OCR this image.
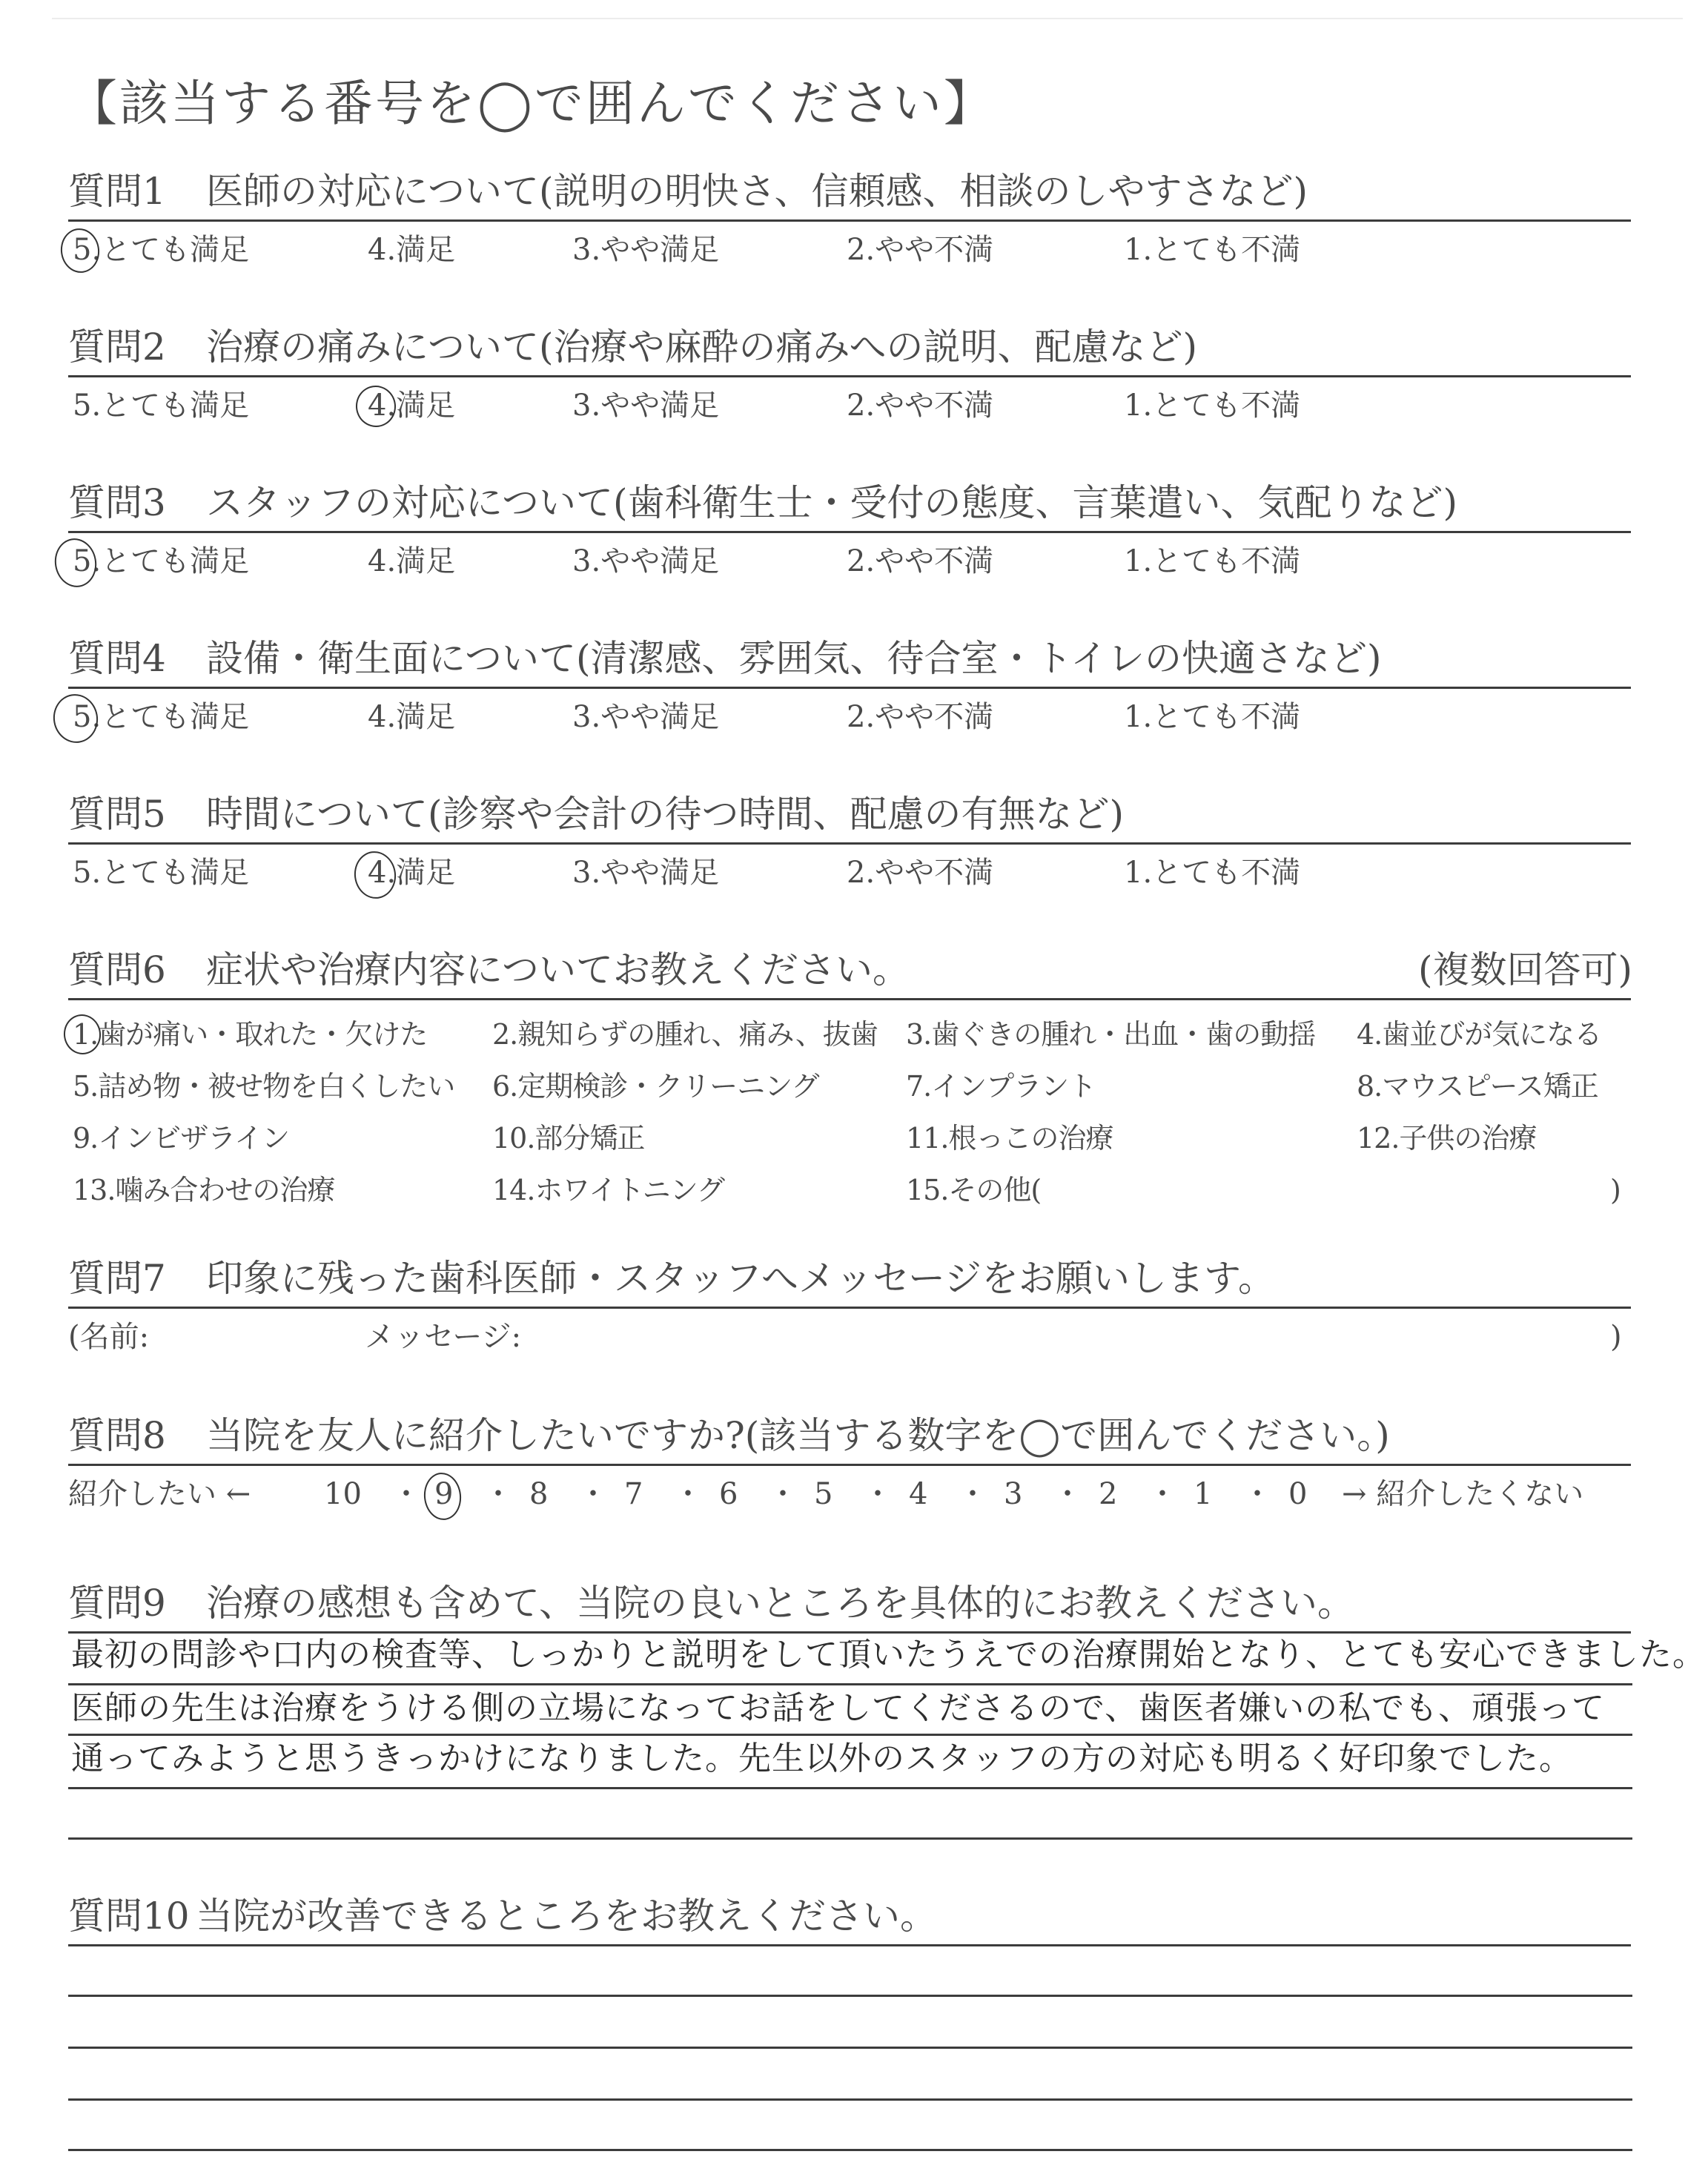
【該当する番号を◯で囲んでください】
質問1 医師の対応について(説明の明快さ、信頼感、相談のしやすさなど)
5.とても満足	4.満足	3.やや満足	2.やや不満	1.とても不満
質問2 治療の痛みについて(治療や麻酔の痛みへの説明、配慮など)
5.とても満足	4.満足	3.やや満足	2.やや不満	1.とても不満
質問3 スタッフの対応について(歯科衛生士・受付の態度、言葉遣い、気配りなど)
5.とても満足	4.満足	3.やや満足	2.やや不満	1.とても不満
質問4 設備・衛生面について(清潔感、雰囲気、待合室・トイレの快適さなど)
5.とても満足	4.満足	3.やや満足	2.やや不満	1.とても不満
質問5 時間について(診察や会計の待つ時間、配慮の有無など)
5.とても満足	4.満足	3.やや満足	2.やや不満	1.とても不満
質問6 症状や治療内容についてお教えください。	(複数回答可)
1.歯が痛い・取れた・欠けた 2.親知らずの腫れ、痛み、抜歯 3.歯ぐきの腫れ・出血・歯の動揺 4.歯並びが気になる
5.詰め物・被せ物を白くしたい 6.定期検診・クリーニング	7.インプラント	8.マウスピース矯正
9.インビザライン	10.部分矯正	11.根っこの治療	12.子供の治療
13.噛み合わせの治療	14.ホワイトニング	15.その他(	)
質問7 印象に残った歯科医師・スタッフへメッセージをお願いします。
(名前:	メッセージ:	)
質問8 当院を友人に紹介したいですか?(該当する数字を◯で囲んでください。)
紹介したい ← 10 ・ 9 ・ 8 ・ 7 ・ 6 ・ 5 ・ 4 ・ 3 ・ 2 ・ 1 ・ 0 → 紹介したくない
質問9 治療の感想も含めて、当院の良いところを具体的にお教えください。
最初の問診や口内の検査等、しっかりと説明をして頂いたうえでの治療開始となり、とても安心できました。
医師の先生は治療をうける側の立場になってお話をしてくださるので、歯医者嫌いの私でも、頑張って
通ってみようと思うきっかけになりました。先生以外のスタッフの方の対応も明るく好印象でした。
質問10 当院が改善できるところをお教えください。
